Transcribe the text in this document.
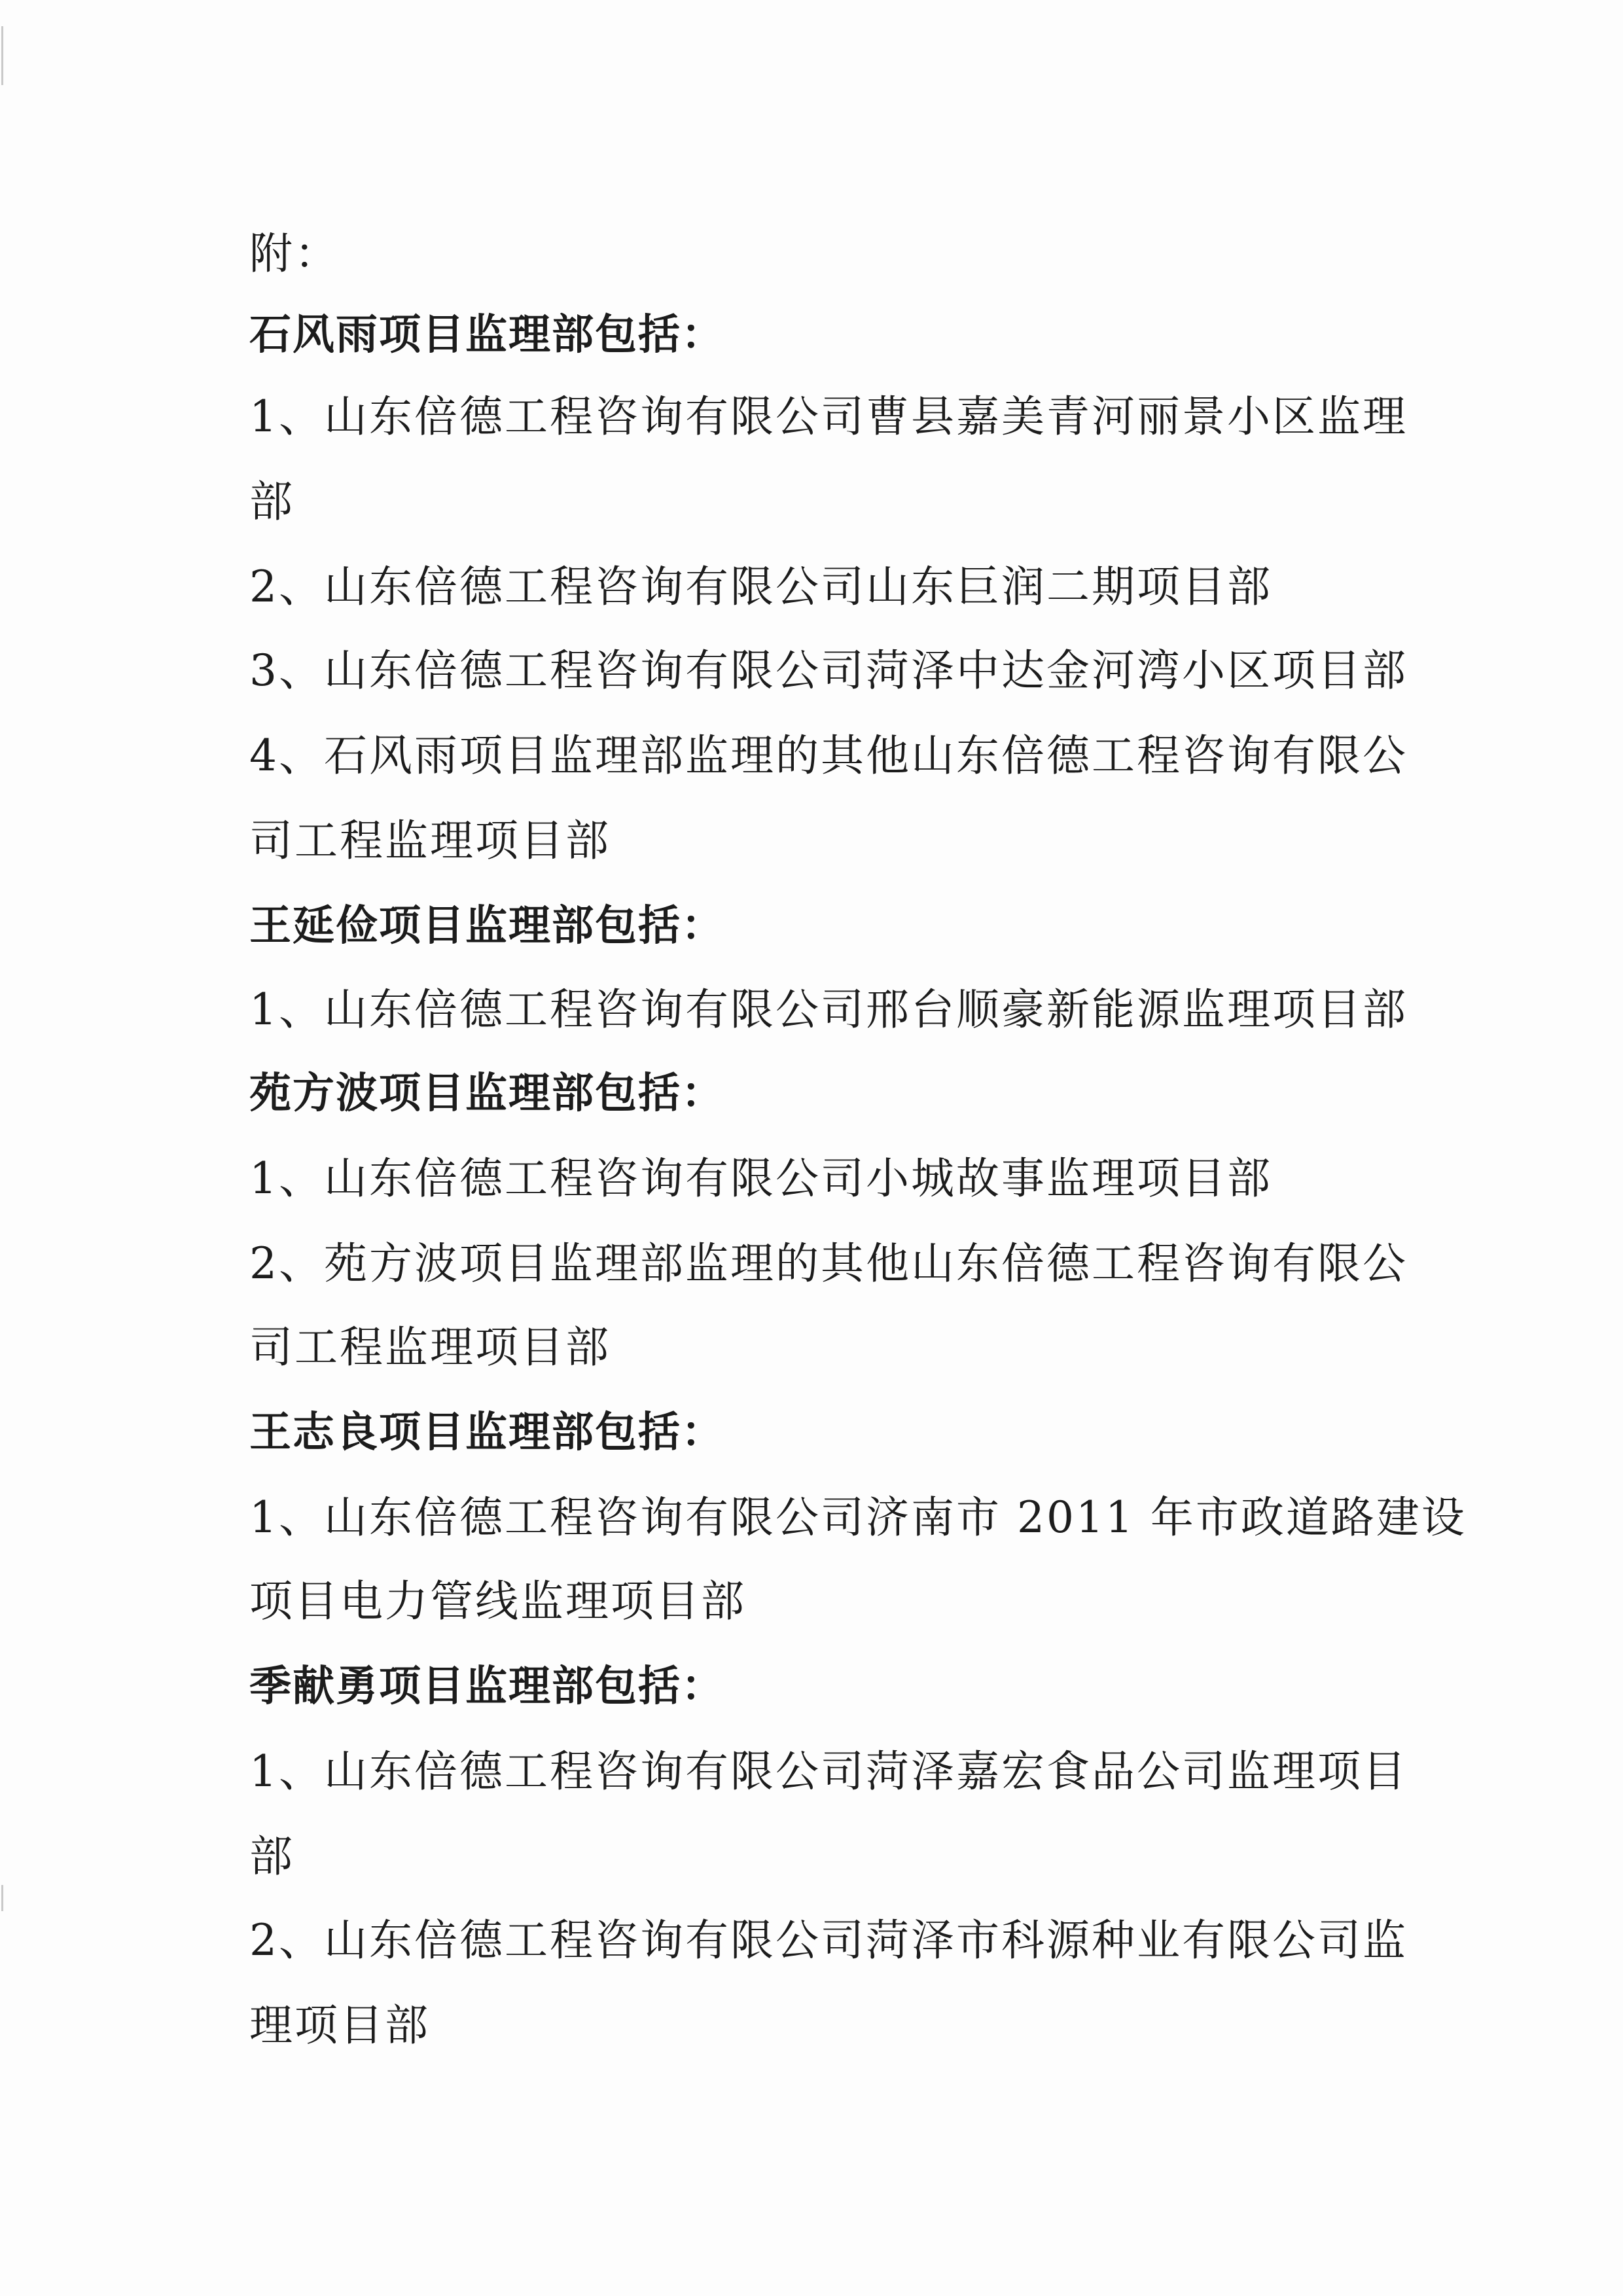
附：
石风雨项目监理部包括：
1、山东倍德工程咨询有限公司曹县嘉美青河丽景小区监理
部
2、山东倍德工程咨询有限公司山东巨润二期项目部
3、山东倍德工程咨询有限公司菏泽中达金河湾小区项目部
4、石风雨项目监理部监理的其他山东倍德工程咨询有限公
司工程监理项目部
王延俭项目监理部包括：
1、山东倍德工程咨询有限公司邢台顺豪新能源监理项目部
苑方波项目监理部包括：
1、山东倍德工程咨询有限公司小城故事监理项目部
2、苑方波项目监理部监理的其他山东倍德工程咨询有限公
司工程监理项目部
王志良项目监理部包括：
1、山东倍德工程咨询有限公司济南市 2011 年市政道路建设
项目电力管线监理项目部
季献勇项目监理部包括：
1、山东倍德工程咨询有限公司菏泽嘉宏食品公司监理项目
部
2、山东倍德工程咨询有限公司菏泽市科源种业有限公司监
理项目部
